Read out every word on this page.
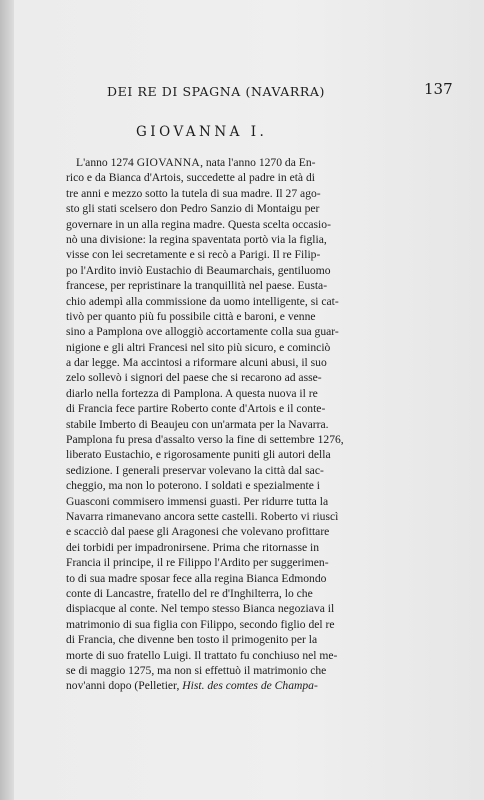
DEI RE DI SPAGNA (NAVARRA)	137
GIOVANNA I.
L'anno 1274 GIOVANNA, nata l'anno 1270 da En-
rico e da Bianca d'Artois, succedette al padre in età di
tre anni e mezzo sotto la tutela di sua madre. Il 27 ago-
sto gli stati scelsero don Pedro Sanzio di Montaigu per
governare in un alla regina madre. Questa scelta occasio-
nò una divisione: la regina spaventata portò via la figlia,
visse con lei secretamente e si recò a Parigi. Il re Filip-
po l'Ardito inviò Eustachio di Beaumarchais, gentiluomo
francese, per repristinare la tranquillità nel paese. Eusta-
chio adempì alla commissione da uomo intelligente, si cat-
tivò per quanto più fu possibile città e baroni, e venne
sino a Pamplona ove alloggiò accortamente colla sua guar-
nigione e gli altri Francesi nel sito più sicuro, e cominciò
a dar legge. Ma accintosi a riformare alcuni abusi, il suo
zelo sollevò i signori del paese che si recarono ad asse-
diarlo nella fortezza di Pamplona. A questa nuova il re
di Francia fece partire Roberto conte d'Artois e il conte-
stabile Imberto di Beaujeu con un'armata per la Navarra.
Pamplona fu presa d'assalto verso la fine di settembre 1276,
liberato Eustachio, e rigorosamente puniti gli autori della
sedizione. I generali preservar volevano la città dal sac-
cheggio, ma non lo poterono. I soldati e spezialmente i
Guasconi commisero immensi guasti. Per ridurre tutta la
Navarra rimanevano ancora sette castelli. Roberto vi riuscì
e scacciò dal paese gli Aragonesi che volevano profittare
dei torbidi per impadronirsene. Prima che ritornasse in
Francia il principe, il re Filippo l'Ardito per suggerimen-
to di sua madre sposar fece alla regina Bianca Edmondo
conte di Lancastre, fratello del re d'Inghilterra, lo che
dispiacque al conte. Nel tempo stesso Bianca negoziava il
matrimonio di sua figlia con Filippo, secondo figlio del re
di Francia, che divenne ben tosto il primogenito per la
morte di suo fratello Luigi. Il trattato fu conchiuso nel me-
se di maggio 1275, ma non si effettuò il matrimonio che
nov'anni dopo (Pelletier, Hist. des comtes de Champa-
